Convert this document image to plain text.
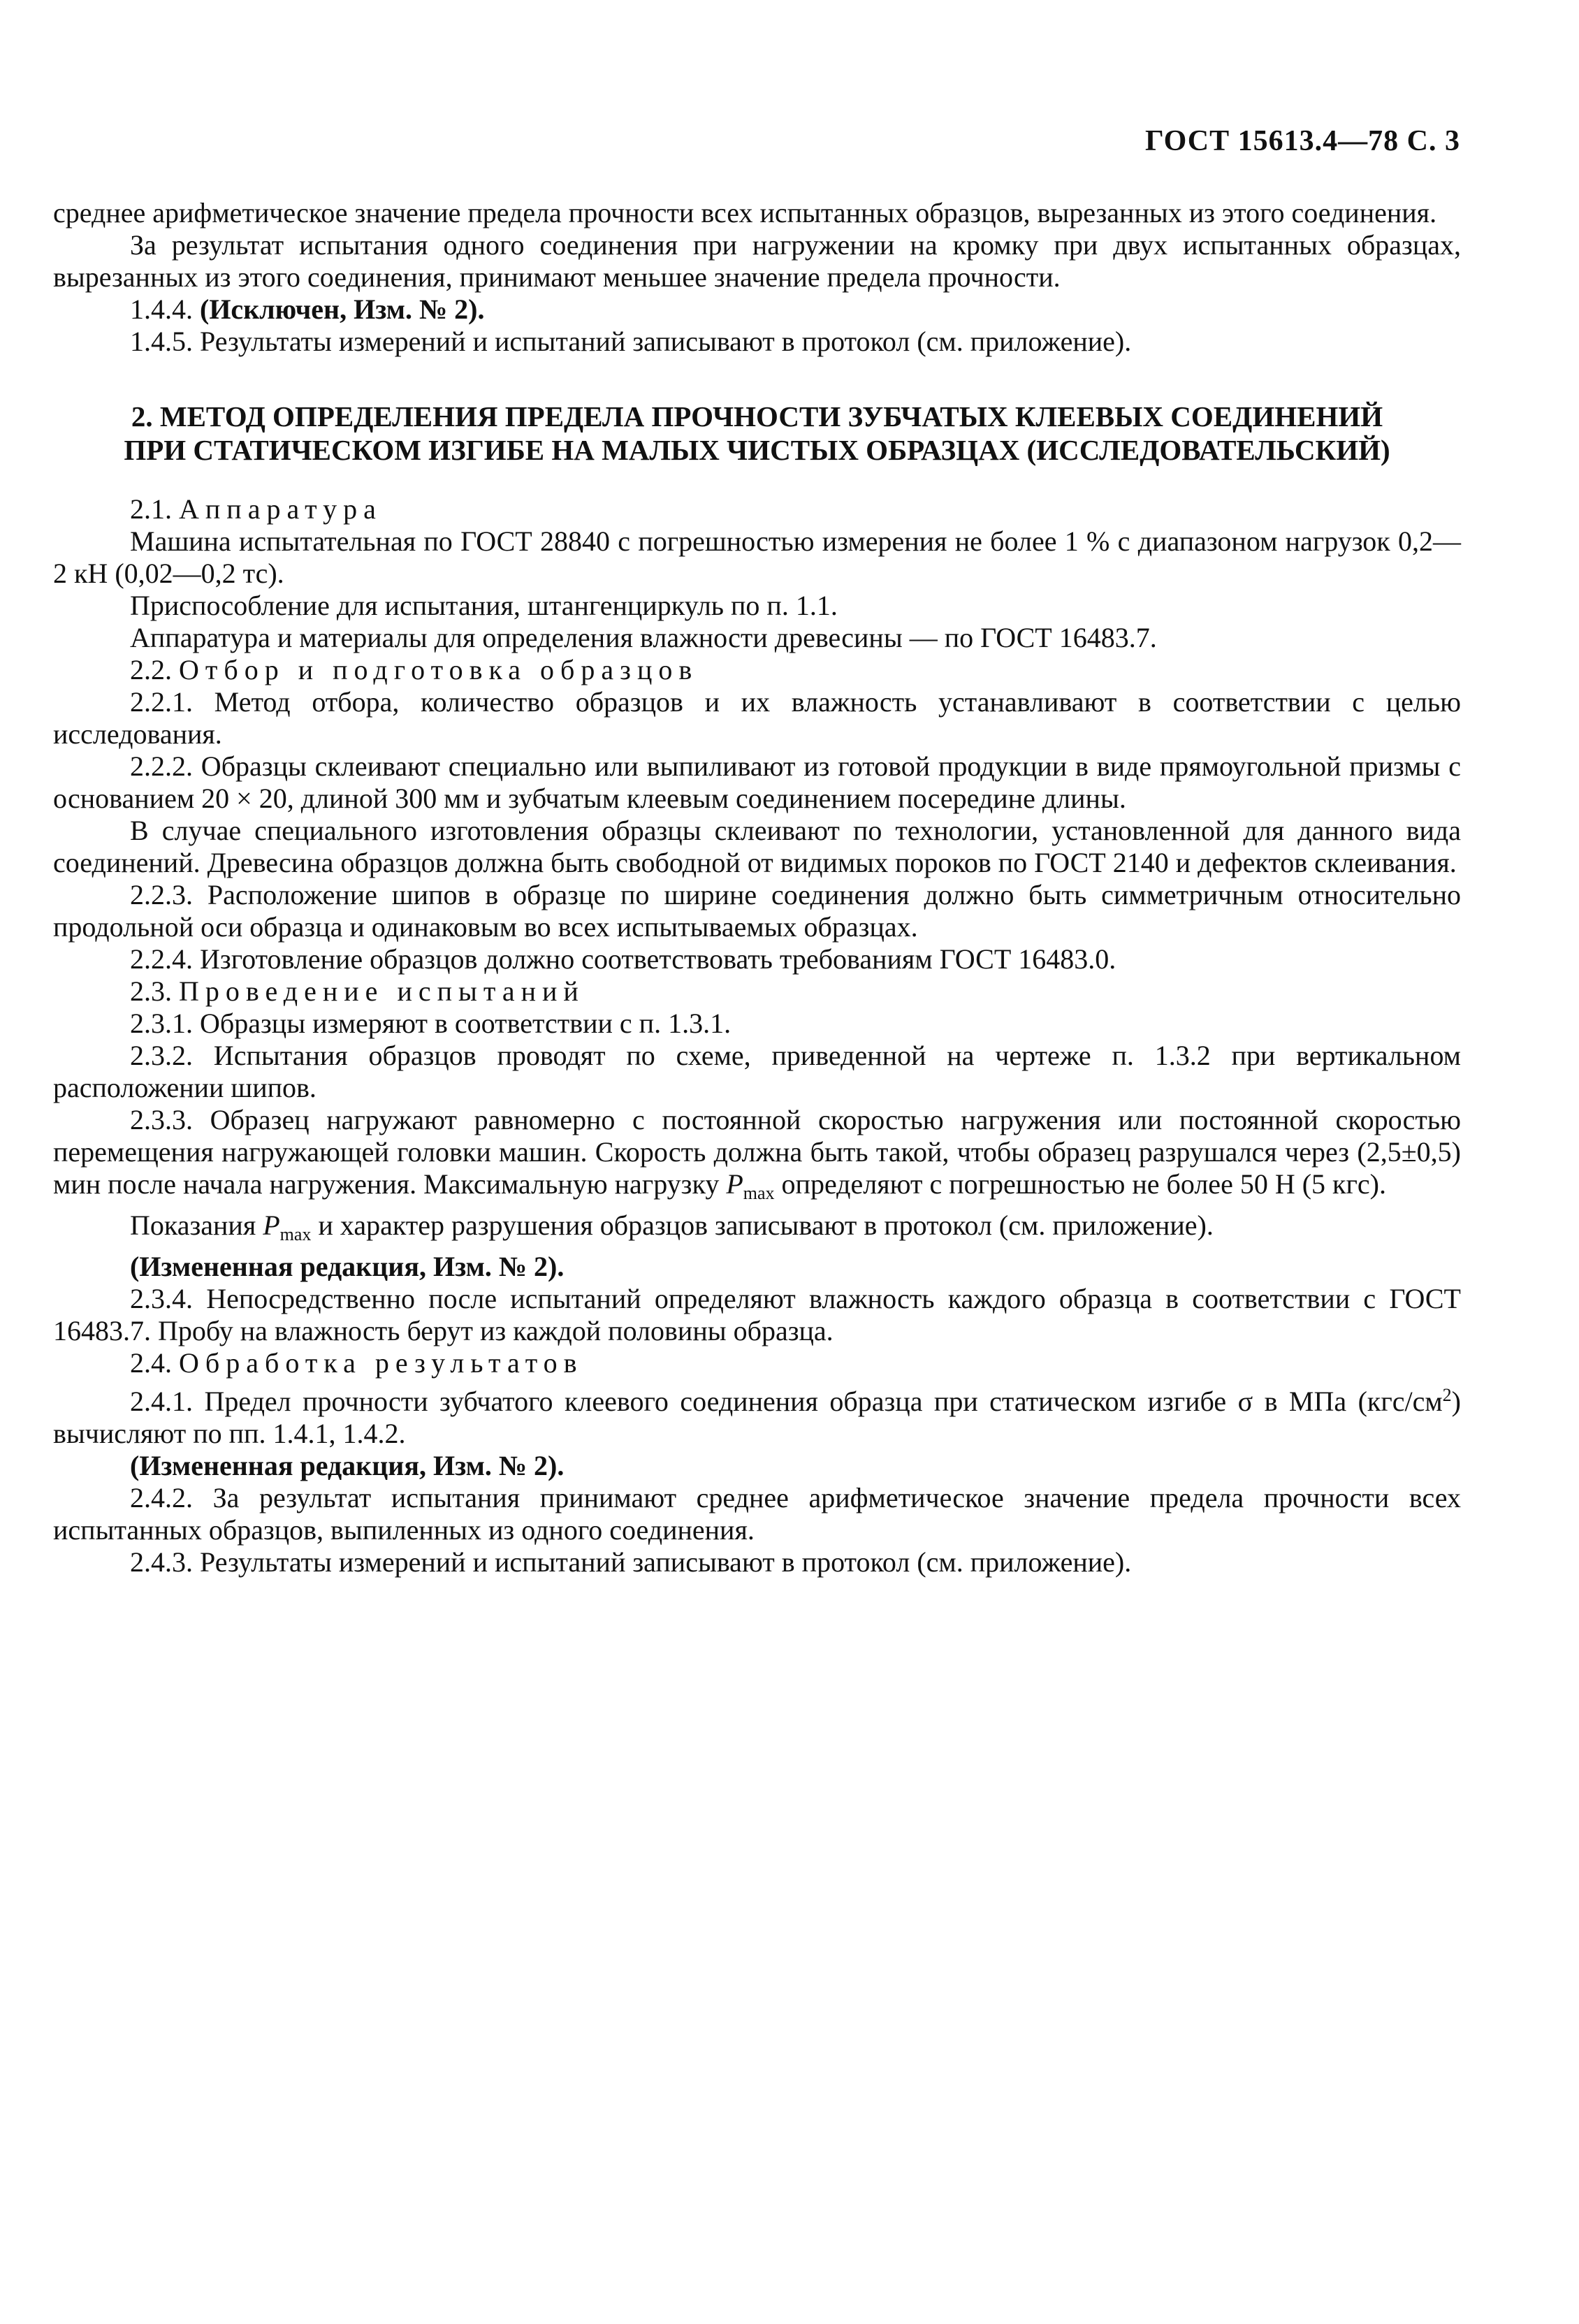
ГОСТ 15613.4—78 С. 3

среднее арифметическое значение предела прочности всех испытанных образцов, вырезанных из этого соединения.

За результат испытания одного соединения при нагружении на кромку при двух испытанных образцах, вырезанных из этого соединения, принимают меньшее значение предела прочности.

1.4.4. (Исключен, Изм. № 2).

1.4.5. Результаты измерений и испытаний записывают в протокол (см. приложение).

2. МЕТОД ОПРЕДЕЛЕНИЯ ПРЕДЕЛА ПРОЧНОСТИ ЗУБЧАТЫХ КЛЕЕВЫХ СОЕДИНЕНИЙ
ПРИ СТАТИЧЕСКОМ ИЗГИБЕ НА МАЛЫХ ЧИСТЫХ ОБРАЗЦАХ (ИССЛЕДОВАТЕЛЬСКИЙ)

2.1. Аппаратура

Машина испытательная по ГОСТ 28840 с погрешностью измерения не более 1 % с диапазоном нагрузок 0,2—2 кН (0,02—0,2 тс).

Приспособление для испытания, штангенциркуль по п. 1.1.

Аппаратура и материалы для определения влажности древесины — по ГОСТ 16483.7.

2.2. Отбор и подготовка образцов

2.2.1. Метод отбора, количество образцов и их влажность устанавливают в соответствии с целью исследования.

2.2.2. Образцы склеивают специально или выпиливают из готовой продукции в виде прямоугольной призмы с основанием 20 × 20, длиной 300 мм и зубчатым клеевым соединением посередине длины.

В случае специального изготовления образцы склеивают по технологии, установленной для данного вида соединений. Древесина образцов должна быть свободной от видимых пороков по ГОСТ 2140 и дефектов склеивания.

2.2.3. Расположение шипов в образце по ширине соединения должно быть симметричным относительно продольной оси образца и одинаковым во всех испытываемых образцах.

2.2.4. Изготовление образцов должно соответствовать требованиям ГОСТ 16483.0.

2.3. Проведение испытаний

2.3.1. Образцы измеряют в соответствии с п. 1.3.1.

2.3.2. Испытания образцов проводят по схеме, приведенной на чертеже п. 1.3.2 при вертикальном расположении шипов.

2.3.3. Образец нагружают равномерно с постоянной скоростью нагружения или постоянной скоростью перемещения нагружающей головки машин. Скорость должна быть такой, чтобы образец разрушался через (2,5±0,5) мин после начала нагружения. Максимальную нагрузку $P_{max}$ определяют с погрешностью не более 50 Н (5 кгс).

Показания $P_{max}$ и характер разрушения образцов записывают в протокол (см. приложение).

(Измененная редакция, Изм. № 2).

2.3.4. Непосредственно после испытаний определяют влажность каждого образца в соответствии с ГОСТ 16483.7. Пробу на влажность берут из каждой половины образца.

2.4. Обработка результатов

2.4.1. Предел прочности зубчатого клеевого соединения образца при статическом изгибе σ в МПа $(кгс/см^2)$ вычисляют по пп. 1.4.1, 1.4.2.

(Измененная редакция, Изм. № 2).

2.4.2. За результат испытания принимают среднее арифметическое значение предела прочности всех испытанных образцов, выпиленных из одного соединения.

2.4.3. Результаты измерений и испытаний записывают в протокол (см. приложение).
